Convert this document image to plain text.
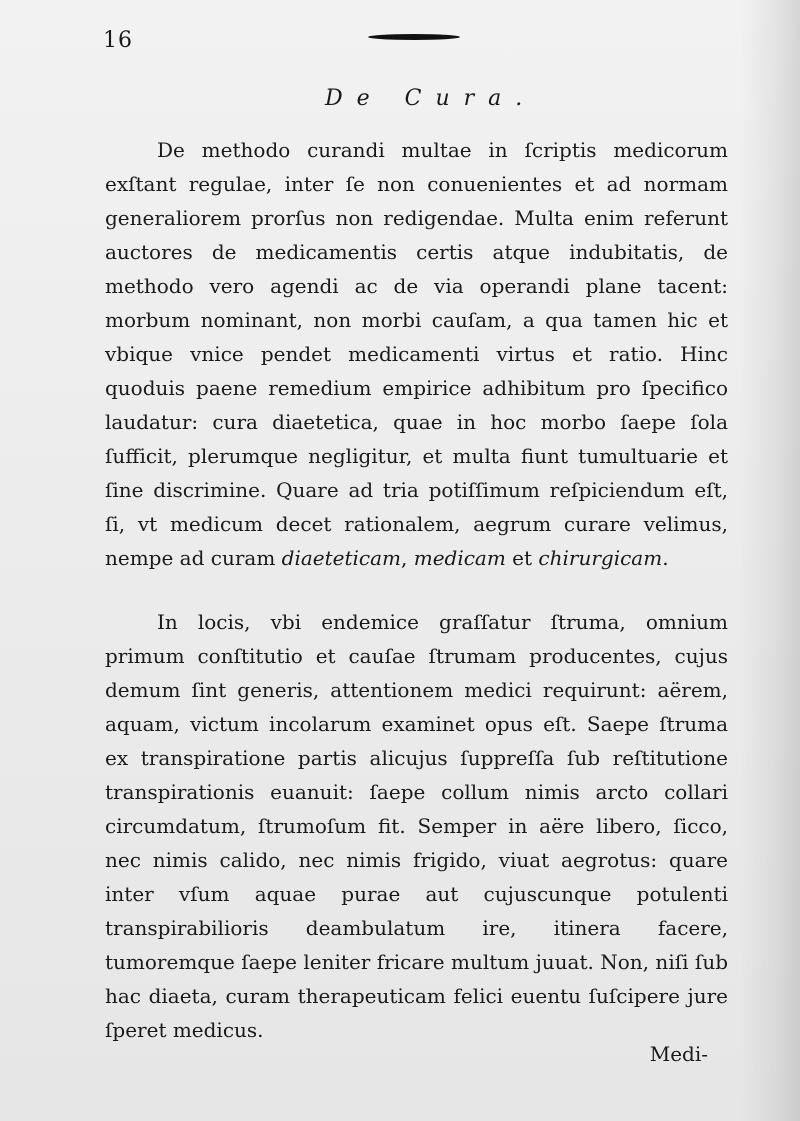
16
De Cura.

De methodo curandi multae in ſcriptis medicorum exſtant regulae, inter ſe non conuenientes et ad normam generaliorem prorſus non redigendae. Multa enim referunt auctores de medicamentis certis atque indubitatis, de methodo vero agendi ac de via operandi plane tacent: morbum nominant, non morbi cauſam, a qua tamen hic et vbique vnice pendet medicamenti virtus et ratio. Hinc quoduis paene remedium empirice adhibitum pro ſpecifico laudatur: cura diaetetica, quae in hoc morbo ſaepe ſola ſufficit, plerumque negligitur, et multa fiunt tumultuarie et ſine discrimine. Quare ad tria potiſſimum reſpiciendum eſt, ſi, vt medicum decet rationalem, aegrum curare velimus, nempe ad curam diaeteticam, medicam et chirurgicam.

In locis, vbi endemice graſſatur ſtruma, omnium primum conſtitutio et cauſae ſtrumam producentes, cujus demum ſint generis, attentionem medici requirunt: aërem, aquam, victum incolarum examinet opus eſt. Saepe ſtruma ex transpiratione partis alicujus ſuppreſſa ſub reſtitutione transpirationis euanuit: ſaepe collum nimis arcto collari circumdatum, ſtrumoſum fit. Semper in aëre libero, ſicco, nec nimis calido, nec nimis frigido, viuat aegrotus: quare inter vſum aquae purae aut cujuscunque potulenti transpirabilioris deambulatum ire, itinera facere, tumoremque ſaepe leniter fricare multum juuat. Non, niſi ſub hac diaeta, curam therapeuticam felici euentu ſuſcipere jure ſperet medicus.

Medi-
